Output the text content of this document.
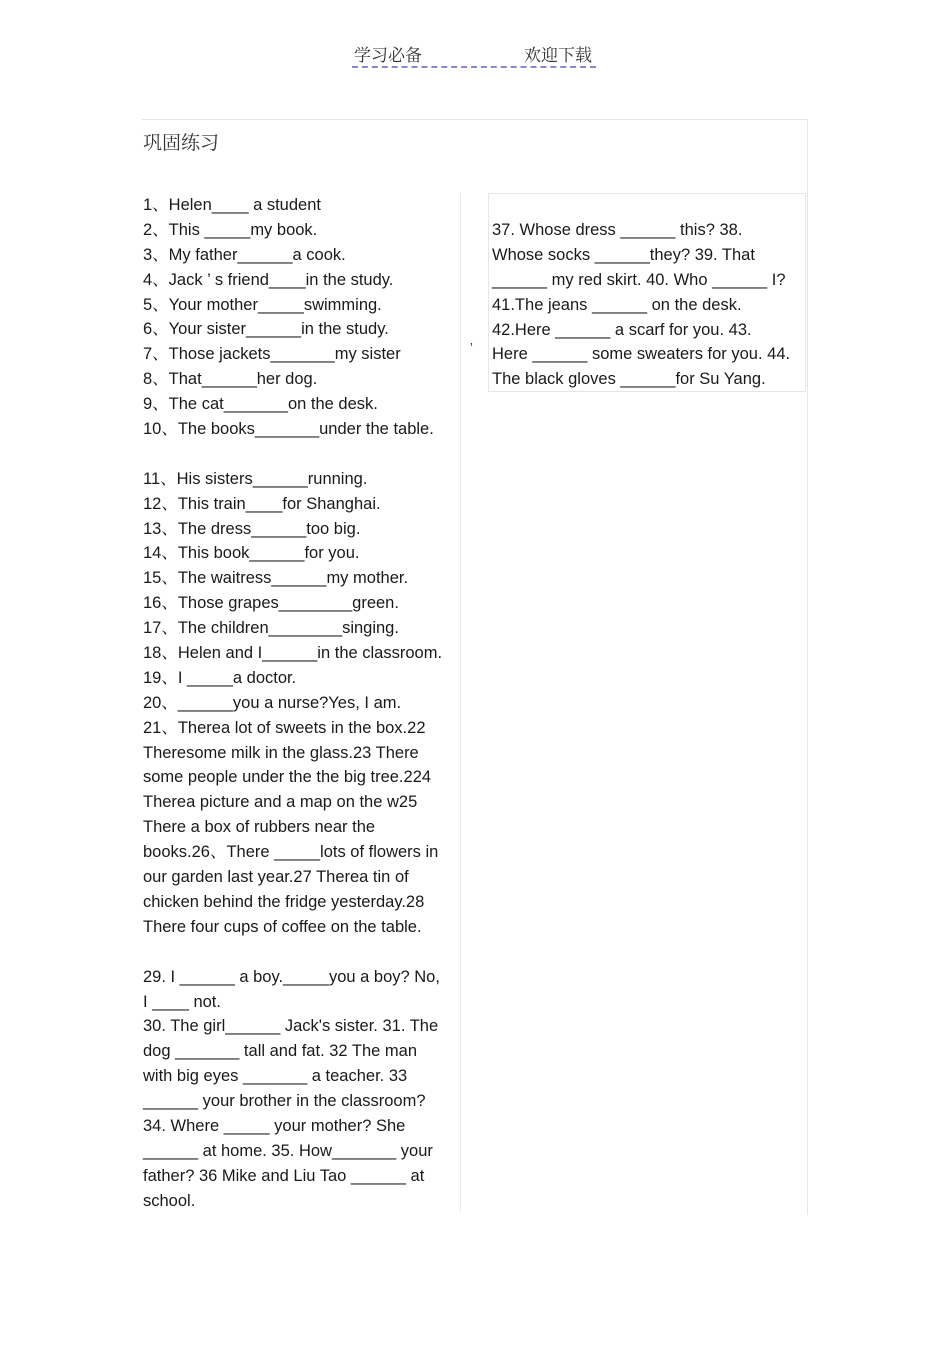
学习必备	欢迎下载
巩固练习
1、Helen____ a student
2、This _____my book.
3、My father______a cook.
4、Jack ’ s friend____in the study.
5、Your mother_____swimming.
6、Your sister______in the study.
7、Those jackets_______my sister
8、That______her dog.
9、The cat_______on the desk.
10、The books_______under the table.
11、His sisters______running.
12、This train____for Shanghai.
13、The dress______too big.
14、This book______for you.
15、The waitress______my mother.
16、Those grapes________green.
17、The children________singing.
18、Helen and I______in the classroom.
19、I _____a doctor.
20、______you a nurse?Yes, I am.
21、Therea lot of sweets in the box.22
Theresome milk in the glass.23 There
some people under the the big tree.224
Therea picture and a map on the w25
There a box of rubbers near the
books.26、There _____lots of flowers in
our garden last year.27 Therea tin of
chicken behind the fridge yesterday.28
There four cups of coffee on the table.
29. I ______ a boy._____you a boy? No,
I ____ not.
30. The girl______ Jack's sister. 31. The
dog _______ tall and fat. 32 The man
with big eyes _______ a teacher. 33
______ your brother in the classroom?
34. Where _____ your mother? She
______ at home. 35. How_______ your
father? 36 Mike and Liu Tao ______ at
school.
’
37. Whose dress ______ this? 38.
Whose socks ______they? 39. That
______ my red skirt. 40. Who ______ I?
41.The jeans ______ on the desk.
42.Here ______ a scarf for you. 43.
Here ______ some sweaters for you. 44.
The black gloves ______for Su Yang.
